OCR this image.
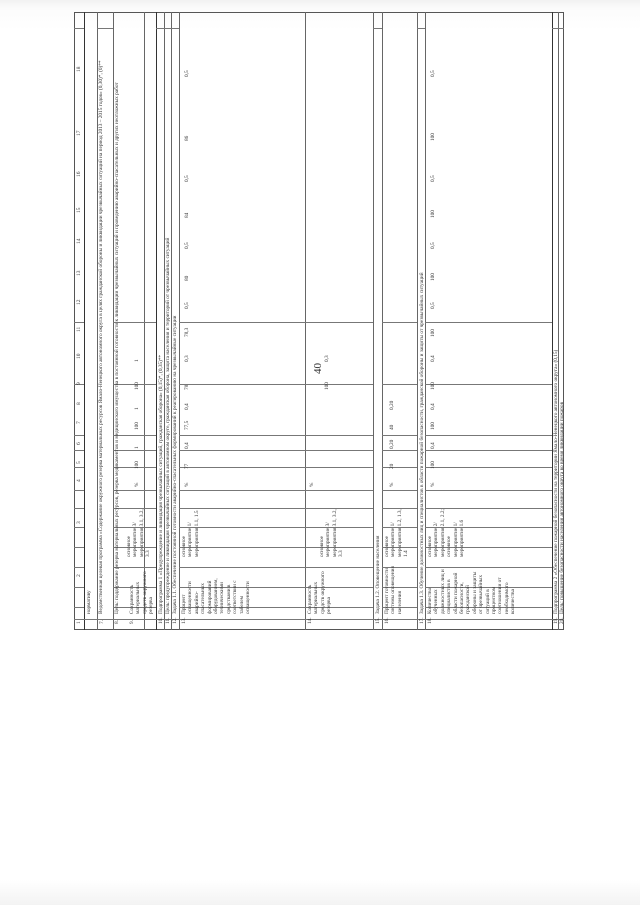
40
1
2
3
4
5
6
7
8
9
10
11
12
13
14
15
16
17
18
нормативу
7.
Ведомственная целевая программа «Содержание окружного резерва материальных ресурсов Ямало-Ненецкого автономного округа в целях гражданской обороны и ликвидации чрезвычайных ситуаций на период 2013 – 2015 годов» (0,30)*, (0)**
8.
Цель: поддержание резерва материальных ресурсов, резерва медикаментов и медицинского имущества в постоянной готовности к ликвидации чрезвычайных ситуаций и проведению аварийно-спасательных и других неотложных работ
9.
Сохранность материальных средств окружного резерва
основное мероприятие 3/ мероприятия 3.1, 3.2, 3.3
%
100
1
100
1
100
1
10.
Подпрограмма 1 «Предупреждение и ликвидация чрезвычайных ситуаций, гражданская оборона» (0,15)*, (0,35)**
11.
Цель: предупреждение и ликвидация чрезвычайных ситуаций в автономном округе, гражданская оборона, защита населения и территорий от чрезвычайных ситуаций
12.
Задача 1.1. Обеспечение постоянной готовности аварийно-спасательных формирований к реагированию на чрезвычайные ситуации
13.
Процент оснащенности аварийно-спасательных формирований оборудованием, техническими средствами в соответствии с табелем оснащенности
основное мероприятие 1/ мероприятия 1.1, 1.5
%
77
0,4
77,5
0,4
78
0,3
78,3
0,5
80
0,5
84
0,5
86
0,5
14.
Сохранность материальных средств окружного резерва
основное мероприятие 3/ мероприятия 3.1, 3.2, 3.3
%
100
0,3
15.
Задача 1.2. Оповещение населения
16.
Процент готовности системы оповещения населения
основное мероприятие 1/ мероприятия 1.2, 1.3, 1.4
%
20
0,20
40
0,20
17.
Задача 1.3. Обучение должностных лиц и специалистов в области пожарной безопасности, гражданской обороны и защиты от чрезвычайных ситуаций
18.
Количество обученных должностных лиц и специалистов в области пожарной безопасности, гражданской обороны и защиты от чрезвычайных ситуаций в процентном соотношении от необходимого количества
основное мероприятие 2/ мероприятия 2.1, 2.2; основное мероприятие 1/ мероприятие 1.6
%
100
0,4
100
0,4
100
0,4
100
0,5
100
0,5
100
0,5
100
0,5
19.
Подпрограмма 2 «Обеспечение пожарной безопасности на территории Ямало-Ненецкого автономного округа» (0,15)
20.
Цель: повышение безопасности населения автономного округа во время ликвидации пожаров
